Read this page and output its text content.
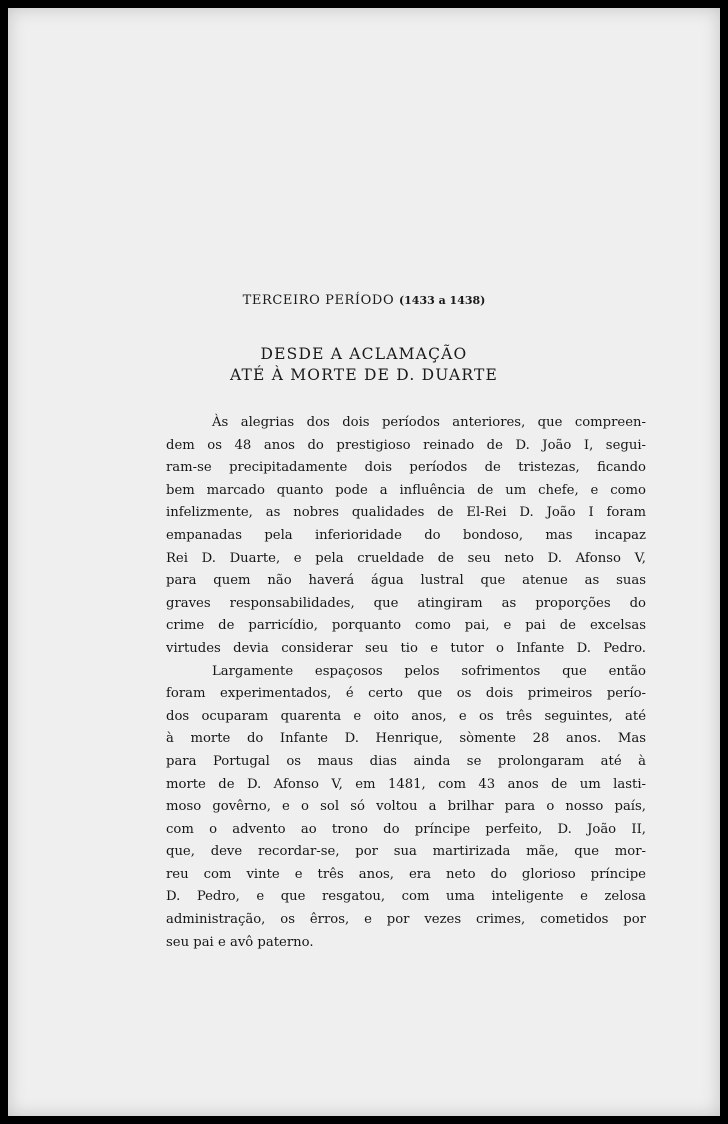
TERCEIRO PERÍODO (1433 a 1438)
DESDE A ACLAMAÇÃO
ATÉ À MORTE DE D. DUARTE
Às alegrias dos dois períodos anteriores, que compreen-
dem os 48 anos do prestigioso reinado de D. João I, segui-
ram-se precipitadamente dois períodos de tristezas, ficando
bem marcado quanto pode a influência de um chefe, e como
infelizmente, as nobres qualidades de El-Rei D. João I foram
empanadas pela inferioridade do bondoso, mas incapaz
Rei D. Duarte, e pela crueldade de seu neto D. Afonso V,
para quem não haverá água lustral que atenue as suas
graves responsabilidades, que atingiram as proporções do
crime de parricídio, porquanto como pai, e pai de excelsas
virtudes devia considerar seu tio e tutor o Infante D. Pedro.
Largamente espaçosos pelos sofrimentos que então
foram experimentados, é certo que os dois primeiros perío-
dos ocuparam quarenta e oito anos, e os três seguintes, até
à morte do Infante D. Henrique, sòmente 28 anos. Mas
para Portugal os maus dias ainda se prolongaram até à
morte de D. Afonso V, em 1481, com 43 anos de um lasti-
moso govêrno, e o sol só voltou a brilhar para o nosso país,
com o advento ao trono do príncipe perfeito, D. João II,
que, deve recordar-se, por sua martirizada mãe, que mor-
reu com vinte e três anos, era neto do glorioso príncipe
D. Pedro, e que resgatou, com uma inteligente e zelosa
administração, os êrros, e por vezes crimes, cometidos por
seu pai e avô paterno.
